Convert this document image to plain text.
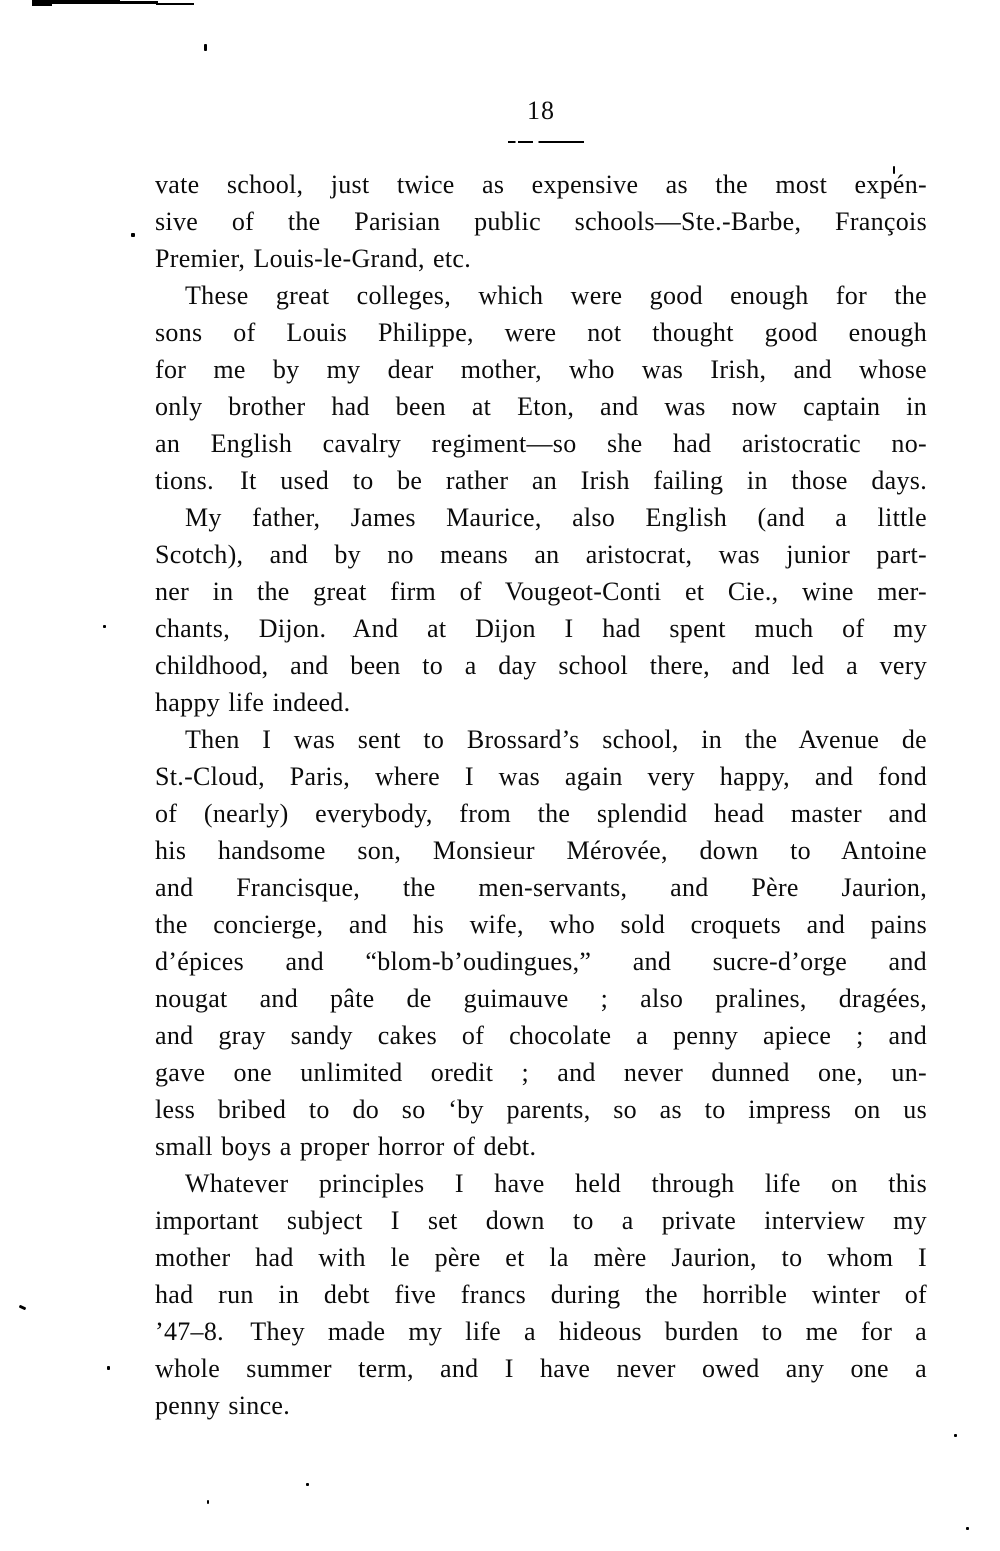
18
vate school, just twice as expensive as the most expén-
sive of the Parisian public schools—Ste.-Barbe, François
Premier, Louis-le-Grand, etc.
These great colleges, which were good enough for the
sons of Louis Philippe, were not thought good enough
for me by my dear mother, who was Irish, and whose
only brother had been at Eton, and was now captain in
an English cavalry regiment—so she had aristocratic no-
tions. It used to be rather an Irish failing in those days.
My father, James Maurice, also English (and a little
Scotch), and by no means an aristocrat, was junior part-
ner in the great firm of Vougeot-Conti et Cie., wine mer-
chants, Dijon. And at Dijon I had spent much of my
childhood, and been to a day school there, and led a very
happy life indeed.
Then I was sent to Brossard’s school, in the Avenue de
St.-Cloud, Paris, where I was again very happy, and fond
of (nearly) everybody, from the splendid head master and
his handsome son, Monsieur Mérovée, down to Antoine
and Francisque, the men-servants, and Père Jaurion,
the concierge, and his wife, who sold croquets and pains
d’épices and “blom-b’oudingues,” and sucre-d’orge and
nougat and pâte de guimauve ; also pralines, dragées,
and gray sandy cakes of chocolate a penny apiece ; and
gave one unlimited oredit ; and never dunned one, un-
less bribed to do so ‘by parents, so as to impress on us
small boys a proper horror of debt.
Whatever principles I have held through life on this
important subject I set down to a private interview my
mother had with le père et la mère Jaurion, to whom I
had run in debt five francs during the horrible winter of
’47–8. They made my life a hideous burden to me for a
whole summer term, and I have never owed any one a
penny since.
